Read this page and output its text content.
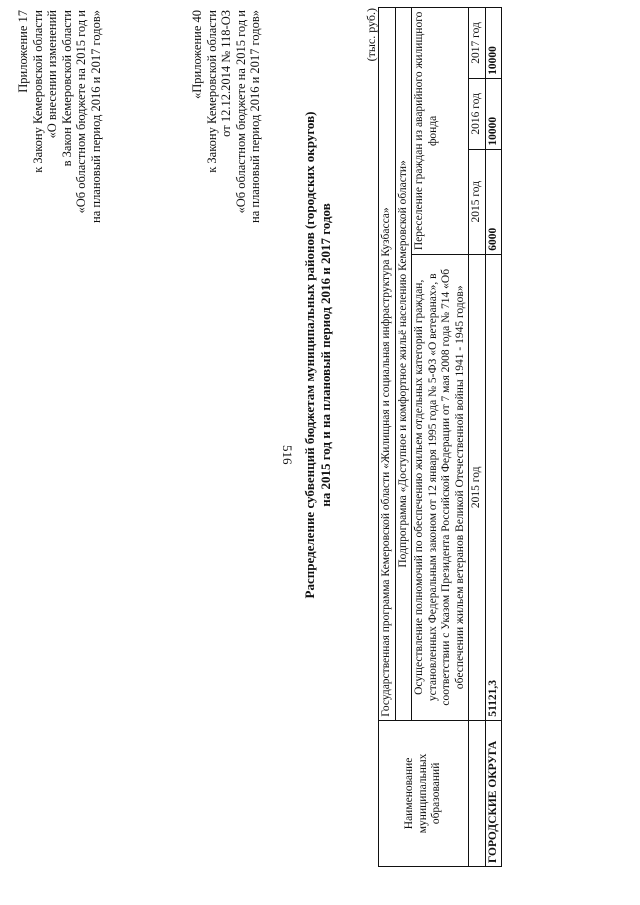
516
Приложение 17 к Закону Кемеровской области «О внесении изменений в Закон Кемеровской области «Об областном бюджете на 2015 год и на плановый период 2016 и 2017 годов»	«Приложение 40 к Закону Кемеровской области от 12.12.2014 № 118-ОЗ «Об областном бюджете на 2015 год и на плановый период 2016 и 2017 годов»	Распределение субвенций бюджетам муниципальных районов (городских округов) на 2015 год и на плановый период 2016 и 2017 годов
(тыс. руб.)
Наименование муниципальных образований	Государственная программа Кемеровской области «Жилищная и социальная инфраструктура Кузбасса»			
	Подпрограмма «Доступное и комфортное жильё населению Кемеровской области»			
	Осуществление полномочий по обеспечению жильем отдельных категорий граждан, установленных Федеральным законом от 12 января 1995 года № 5-ФЗ «О ветеранах», в соответствии с Указом Президента Российской Федерации от 7 мая 2008 года № 714 «Об обеспечении жильем ветеранов Великой Отечественной войны 1941 - 1945 годов»	Переселение граждан из аварийного жилищного фонда		
	2015 год	2015 год	2016 год	2017 год
ГОРОДСКИЕ ОКРУГА	51121,3	6000	10000	10000
